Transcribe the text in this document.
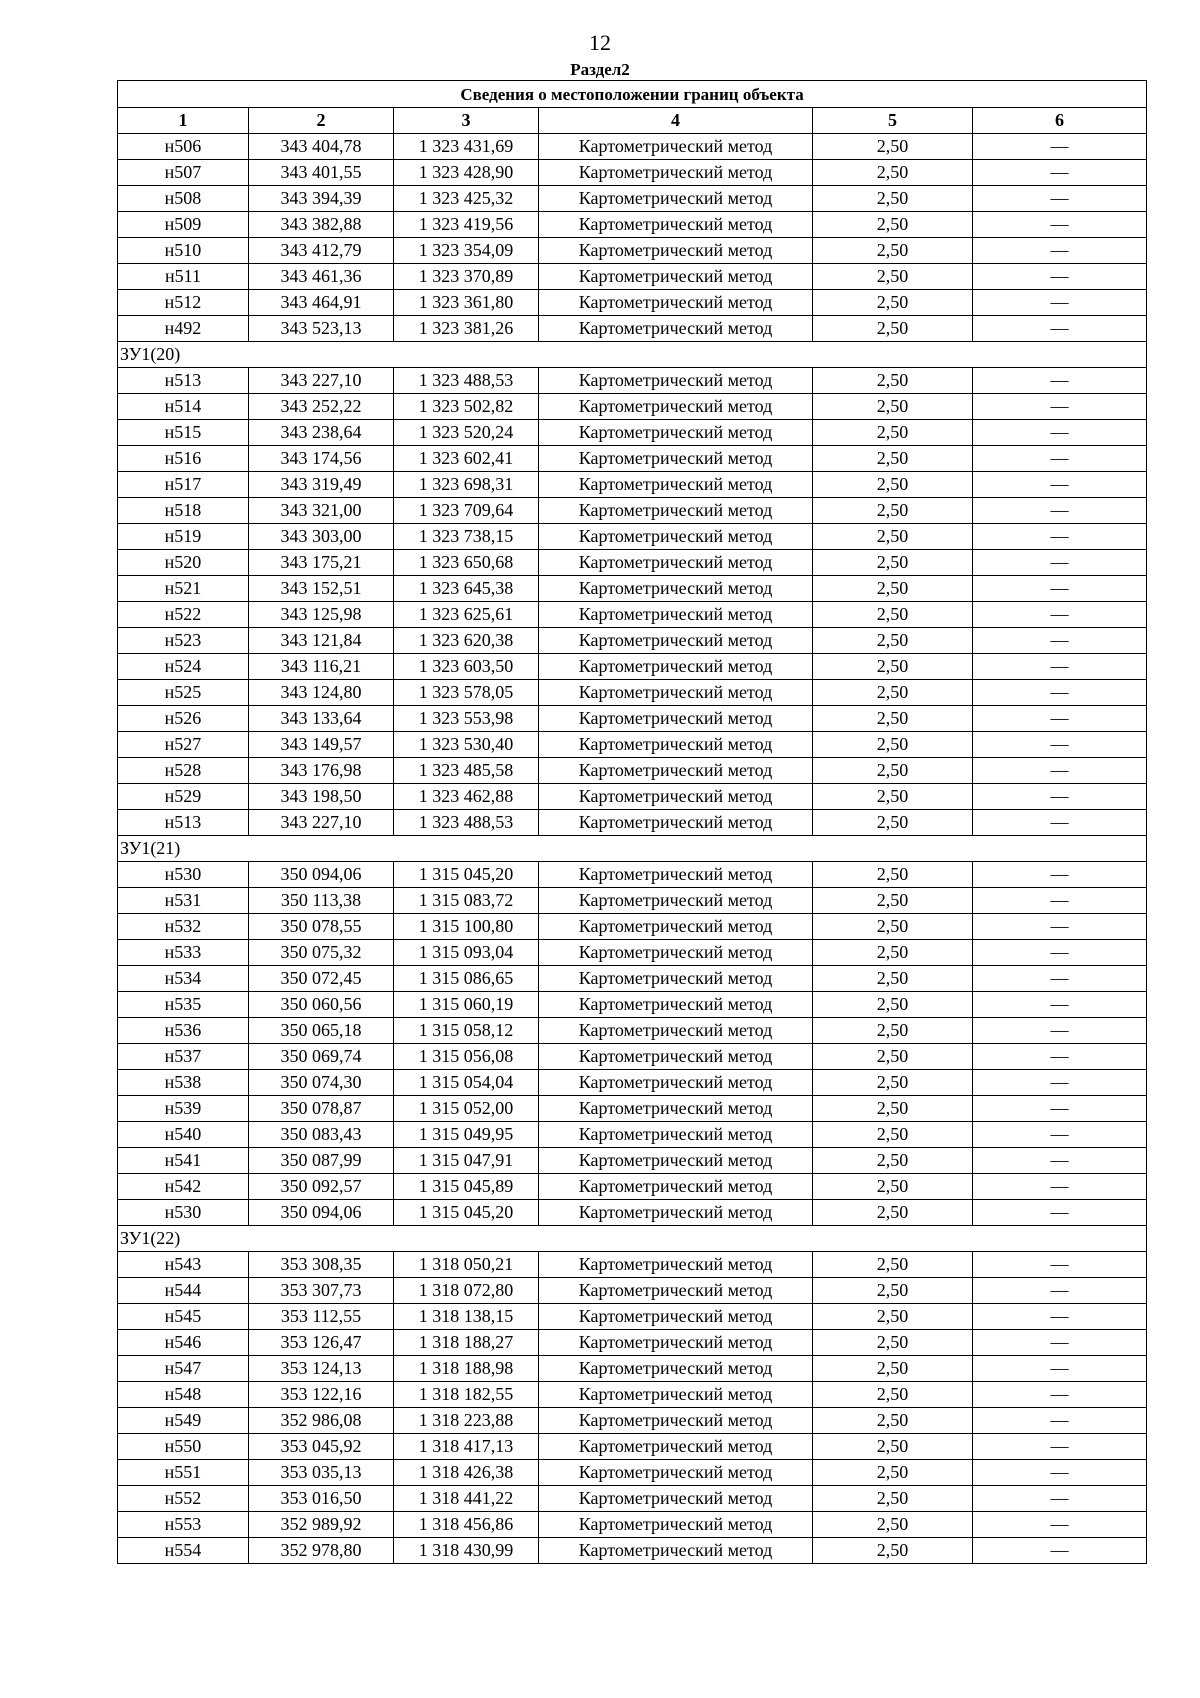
12
Раздел2
Сведения о местоположении границ объекта					
1	2	3	4	5	6
н506	343 404,78	1 323 431,69	Картометрический метод	2,50	—
н507	343 401,55	1 323 428,90	Картометрический метод	2,50	—
н508	343 394,39	1 323 425,32	Картометрический метод	2,50	—
н509	343 382,88	1 323 419,56	Картометрический метод	2,50	—
н510	343 412,79	1 323 354,09	Картометрический метод	2,50	—
н511	343 461,36	1 323 370,89	Картометрический метод	2,50	—
н512	343 464,91	1 323 361,80	Картометрический метод	2,50	—
н492	343 523,13	1 323 381,26	Картометрический метод	2,50	—
ЗУ1(20)					
н513	343 227,10	1 323 488,53	Картометрический метод	2,50	—
н514	343 252,22	1 323 502,82	Картометрический метод	2,50	—
н515	343 238,64	1 323 520,24	Картометрический метод	2,50	—
н516	343 174,56	1 323 602,41	Картометрический метод	2,50	—
н517	343 319,49	1 323 698,31	Картометрический метод	2,50	—
н518	343 321,00	1 323 709,64	Картометрический метод	2,50	—
н519	343 303,00	1 323 738,15	Картометрический метод	2,50	—
н520	343 175,21	1 323 650,68	Картометрический метод	2,50	—
н521	343 152,51	1 323 645,38	Картометрический метод	2,50	—
н522	343 125,98	1 323 625,61	Картометрический метод	2,50	—
н523	343 121,84	1 323 620,38	Картометрический метод	2,50	—
н524	343 116,21	1 323 603,50	Картометрический метод	2,50	—
н525	343 124,80	1 323 578,05	Картометрический метод	2,50	—
н526	343 133,64	1 323 553,98	Картометрический метод	2,50	—
н527	343 149,57	1 323 530,40	Картометрический метод	2,50	—
н528	343 176,98	1 323 485,58	Картометрический метод	2,50	—
н529	343 198,50	1 323 462,88	Картометрический метод	2,50	—
н513	343 227,10	1 323 488,53	Картометрический метод	2,50	—
ЗУ1(21)					
н530	350 094,06	1 315 045,20	Картометрический метод	2,50	—
н531	350 113,38	1 315 083,72	Картометрический метод	2,50	—
н532	350 078,55	1 315 100,80	Картометрический метод	2,50	—
н533	350 075,32	1 315 093,04	Картометрический метод	2,50	—
н534	350 072,45	1 315 086,65	Картометрический метод	2,50	—
н535	350 060,56	1 315 060,19	Картометрический метод	2,50	—
н536	350 065,18	1 315 058,12	Картометрический метод	2,50	—
н537	350 069,74	1 315 056,08	Картометрический метод	2,50	—
н538	350 074,30	1 315 054,04	Картометрический метод	2,50	—
н539	350 078,87	1 315 052,00	Картометрический метод	2,50	—
н540	350 083,43	1 315 049,95	Картометрический метод	2,50	—
н541	350 087,99	1 315 047,91	Картометрический метод	2,50	—
н542	350 092,57	1 315 045,89	Картометрический метод	2,50	—
н530	350 094,06	1 315 045,20	Картометрический метод	2,50	—
ЗУ1(22)					
н543	353 308,35	1 318 050,21	Картометрический метод	2,50	—
н544	353 307,73	1 318 072,80	Картометрический метод	2,50	—
н545	353 112,55	1 318 138,15	Картометрический метод	2,50	—
н546	353 126,47	1 318 188,27	Картометрический метод	2,50	—
н547	353 124,13	1 318 188,98	Картометрический метод	2,50	—
н548	353 122,16	1 318 182,55	Картометрический метод	2,50	—
н549	352 986,08	1 318 223,88	Картометрический метод	2,50	—
н550	353 045,92	1 318 417,13	Картометрический метод	2,50	—
н551	353 035,13	1 318 426,38	Картометрический метод	2,50	—
н552	353 016,50	1 318 441,22	Картометрический метод	2,50	—
н553	352 989,92	1 318 456,86	Картометрический метод	2,50	—
н554	352 978,80	1 318 430,99	Картометрический метод	2,50	—
